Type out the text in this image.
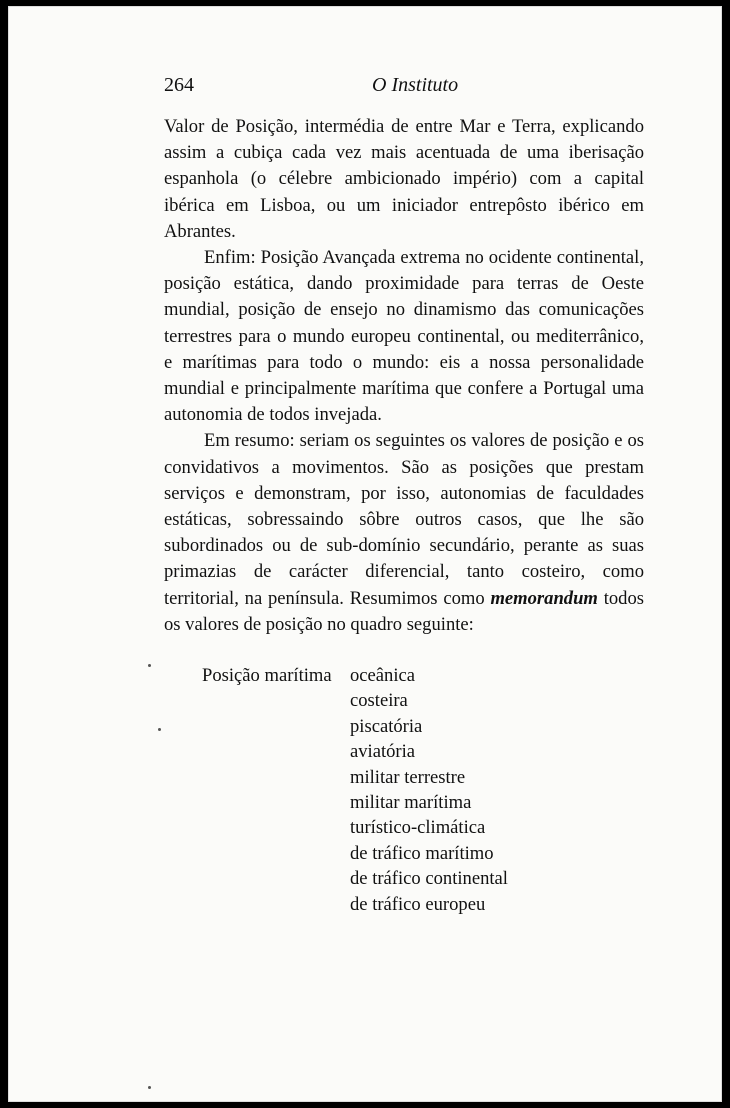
264	O Instituto

Valor de Posição, intermédia de entre Mar e Terra, explicando assim a cubiça cada vez mais acentuada de uma iberisação espanhola (o célebre ambicionado império) com a capital ibérica em Lisboa, ou um iniciador entrepôsto ibérico em Abrantes.

Enfim: Posição Avançada extrema no ocidente continental, posição estática, dando proximidade para terras de Oeste mundial, posição de ensejo no dinamismo das comunicações terrestres para o mundo europeu continental, ou mediterrânico, e marítimas para todo o mundo: eis a nossa personalidade mundial e principalmente marítima que confere a Portugal uma autonomia de todos invejada.

Em resumo: seriam os seguintes os valores de posição e os convidativos a movimentos. São as posições que prestam serviços e demonstram, por isso, autonomias de faculdades estáticas, sobressaindo sôbre outros casos, que lhe são subordinados ou de sub-domínio secundário, perante as suas primazias de carácter diferencial, tanto costeiro, como territorial, na península. Resumimos como memorandum todos os valores de posição no quadro seguinte:

Posição marítima oceânica
costeira
piscatória
aviatória
militar terrestre
militar marítima
turístico-climática
de tráfico marítimo
de tráfico continental
de tráfico europeu
